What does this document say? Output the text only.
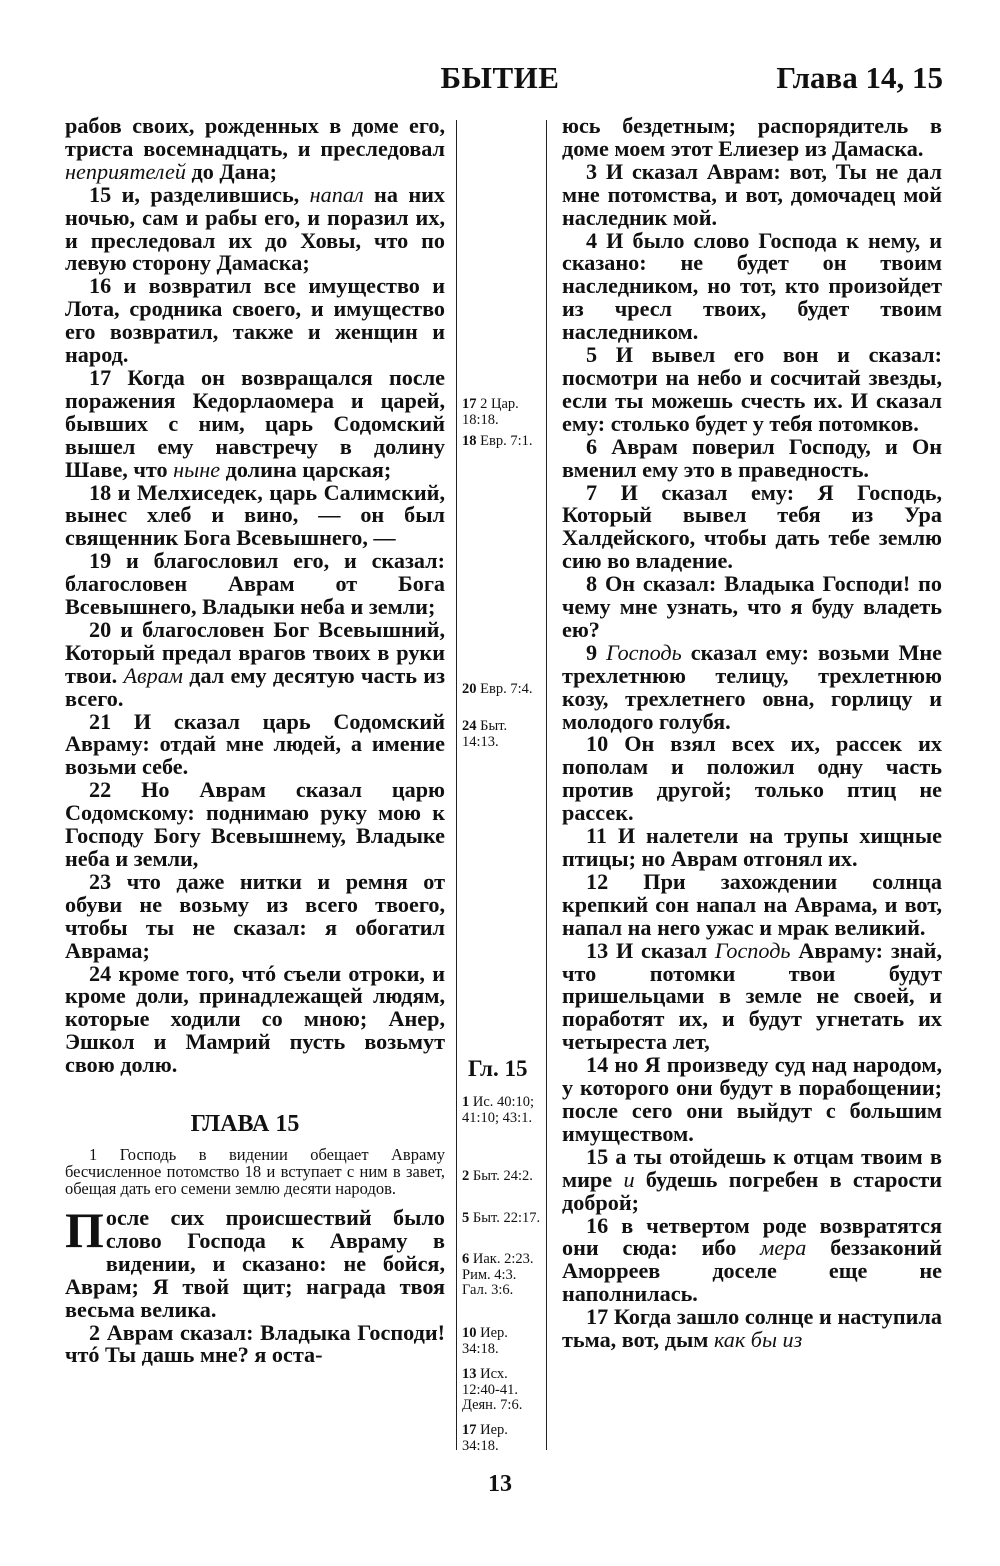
БЫТИЕ	Глава 14, 15

рабов своих, рожденных в доме его, триста восемнадцать, и преследовал неприятелей до Дана;

15 и, разделившись, напал на них ночью, сам и рабы его, и поразил их, и преследовал их до Ховы, что по левую сторону Дамаска;

16 и возвратил все имущество и Лота, сродника своего, и имущество его возвратил, также и женщин и народ.

17 Когда он возвращался после поражения Кедорлаомера и царей, бывших с ним, царь Содомский вышел ему навстречу в долину Шаве, что ныне долина царская;

18 и Мелхиседек, царь Салимский, вынес хлеб и вино, — он был священник Бога Всевышнего, —

19 и благословил его, и сказал: благословен Аврам от Бога Всевышнего, Владыки неба и земли;

20 и благословен Бог Всевышний, Который предал врагов твоих в руки твои. Аврам дал ему десятую часть из всего.

21 И сказал царь Содомский Авраму: отдай мне людей, а имение возьми себе.

22 Но Аврам сказал царю Содомскому: поднимаю руку мою к Господу Богу Всевышнему, Владыке неба и земли,

23 что даже нитки и ремня от обуви не возьму из всего твоего, чтобы ты не сказал: я обогатил Аврама;

24 кроме того, чтó съели отроки, и кроме доли, принадлежащей людям, которые ходили со мною; Анер, Эшкол и Мамрий пусть возьмут свою долю.

ГЛАВА 15

1 Господь в видении обещает Авраму бесчисленное потомство 18 и вступает с ним в завет, обещая дать его семени землю десяти народов.

После сих происшествий было слово Господа к Авраму в видении, и сказано: не бойся, Аврам; Я твой щит; награда твоя весьма велика.

2 Аврам сказал: Владыка Господи! чтó Ты дашь мне? я оста-

17 2 Цар. 18:18.
18 Евр. 7:1.
20 Евр. 7:4.
24 Быт. 14:13.
1 Ис. 40:10; 41:10; 43:1.
2 Быт. 24:2.
5 Быт. 22:17.
6 Иак. 2:23. Рим. 4:3. Гал. 3:6.
10 Иер. 34:18.
13 Исх. 12:40-41. Деян. 7:6.
17 Иер. 34:18.
Гл. 15

юсь бездетным; распорядитель в доме моем этот Елиезер из Дамаска.

3 И сказал Аврам: вот, Ты не дал мне потомства, и вот, домочадец мой наследник мой.

4 И было слово Господа к нему, и сказано: не будет он твоим наследником, но тот, кто произойдет из чресл твоих, будет твоим наследником.

5 И вывел его вон и сказал: посмотри на небо и сосчитай звезды, если ты можешь счесть их. И сказал ему: столько будет у тебя потомков.

6 Аврам поверил Господу, и Он вменил ему это в праведность.

7 И сказал ему: Я Господь, Который вывел тебя из Ура Халдейского, чтобы дать тебе землю сию во владение.

8 Он сказал: Владыка Господи! по чему мне узнать, что я буду владеть ею?

9 Господь сказал ему: возьми Мне трехлетнюю телицу, трехлетнюю козу, трехлетнего овна, горлицу и молодого голубя.

10 Он взял всех их, рассек их пополам и положил одну часть против другой; только птиц не рассек.

11 И налетели на трупы хищные птицы; но Аврам отгонял их.

12 При захождении солнца крепкий сон напал на Аврама, и вот, напал на него ужас и мрак великий.

13 И сказал Господь Авраму: знай, что потомки твои будут пришельцами в земле не своей, и поработят их, и будут угнетать их четыреста лет,

14 но Я произведу суд над народом, у которого они будут в порабощении; после сего они выйдут с большим имуществом.

15 а ты отойдешь к отцам твоим в мире и будешь погребен в старости доброй;

16 в четвертом роде возвратятся они сюда: ибо мера беззаконий Аморреев доселе еще не наполнилась.

17 Когда зашло солнце и наступила тьма, вот, дым как бы из

13
